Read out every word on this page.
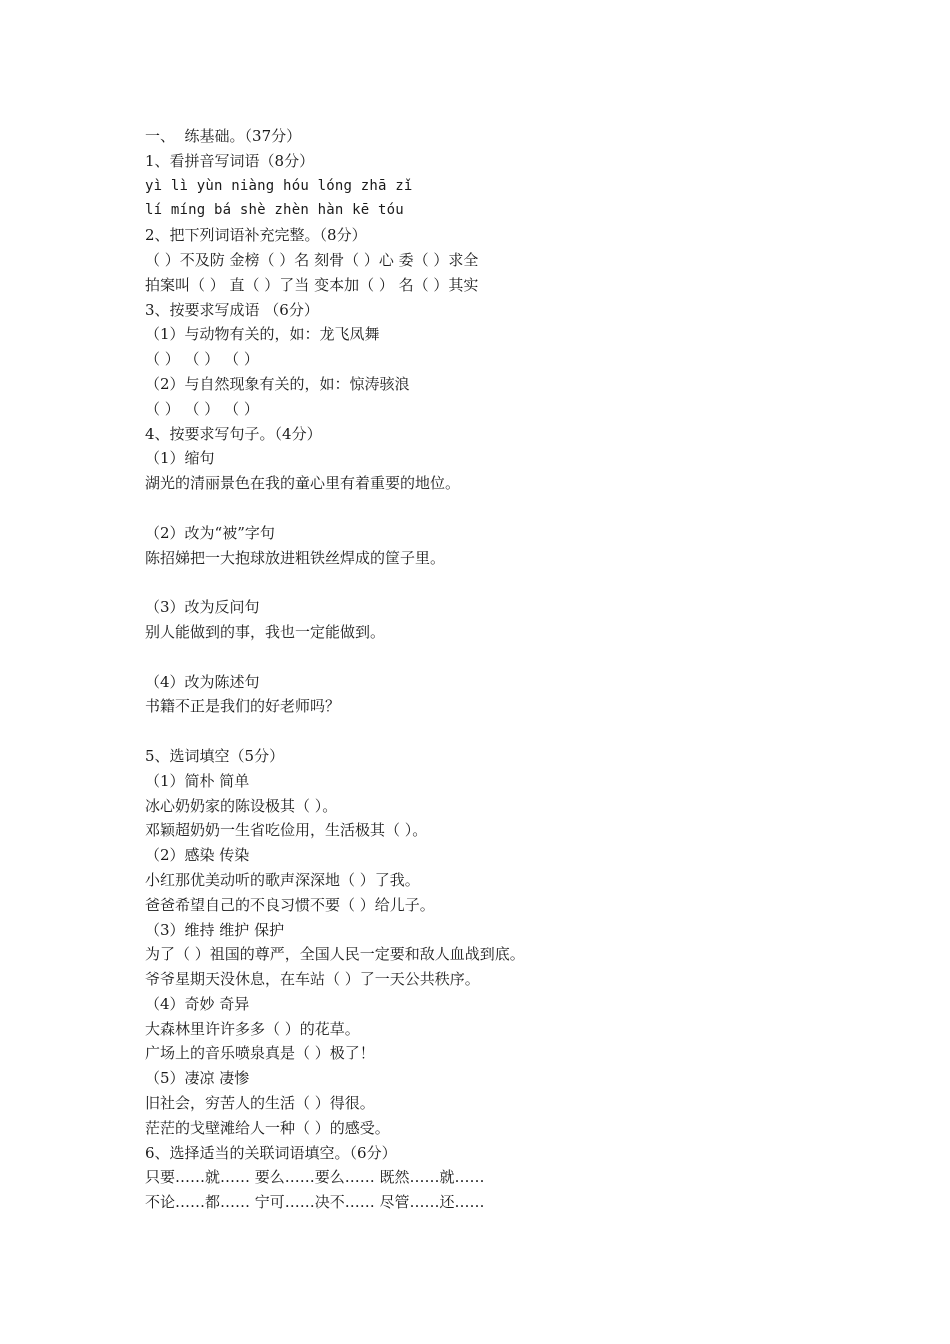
一、  练基础。（37分）
1、看拼音写词语（8分）
yì lì yùn niàng hóu lóng zhā zǐ
lí míng bá shè zhèn hàn kē tóu
2、把下列词语补充完整。（8分）
（ ）不及防 金榜（ ）名 刻骨（ ）心 委（ ）求全
拍案叫（ ） 直（ ）了当 变本加（ ） 名（ ）其实
3、按要求写成语 （6分）
（1）与动物有关的，如：龙飞凤舞
（ ） （ ） （ ）
（2）与自然现象有关的，如：惊涛骇浪
（ ） （ ） （ ）
4、按要求写句子。（4分）
（1）缩句
湖光的清丽景色在我的童心里有着重要的地位。
（2）改为“被”字句
陈招娣把一大抱球放进粗铁丝焊成的筐子里。
（3）改为反问句
别人能做到的事，我也一定能做到。
（4）改为陈述句
书籍不正是我们的好老师吗？
5、选词填空（5分）
（1）简朴 简单
冰心奶奶家的陈设极其（ ）。
邓颖超奶奶一生省吃俭用，生活极其（ ）。
（2）感染 传染
小红那优美动听的歌声深深地（ ）了我。
爸爸希望自己的不良习惯不要（ ）给儿子。
（3）维持 维护 保护
为了（ ）祖国的尊严，全国人民一定要和敌人血战到底。
爷爷星期天没休息，在车站（ ）了一天公共秩序。
（4）奇妙 奇异
大森林里许许多多（ ）的花草。
广场上的音乐喷泉真是（ ）极了！
（5）凄凉 凄惨
旧社会，穷苦人的生活（ ）得很。
茫茫的戈壁滩给人一种（ ）的感受。
6、选择适当的关联词语填空。（6分）
只要……就…… 要么……要么…… 既然……就……
不论……都…… 宁可……决不…… 尽管……还……
